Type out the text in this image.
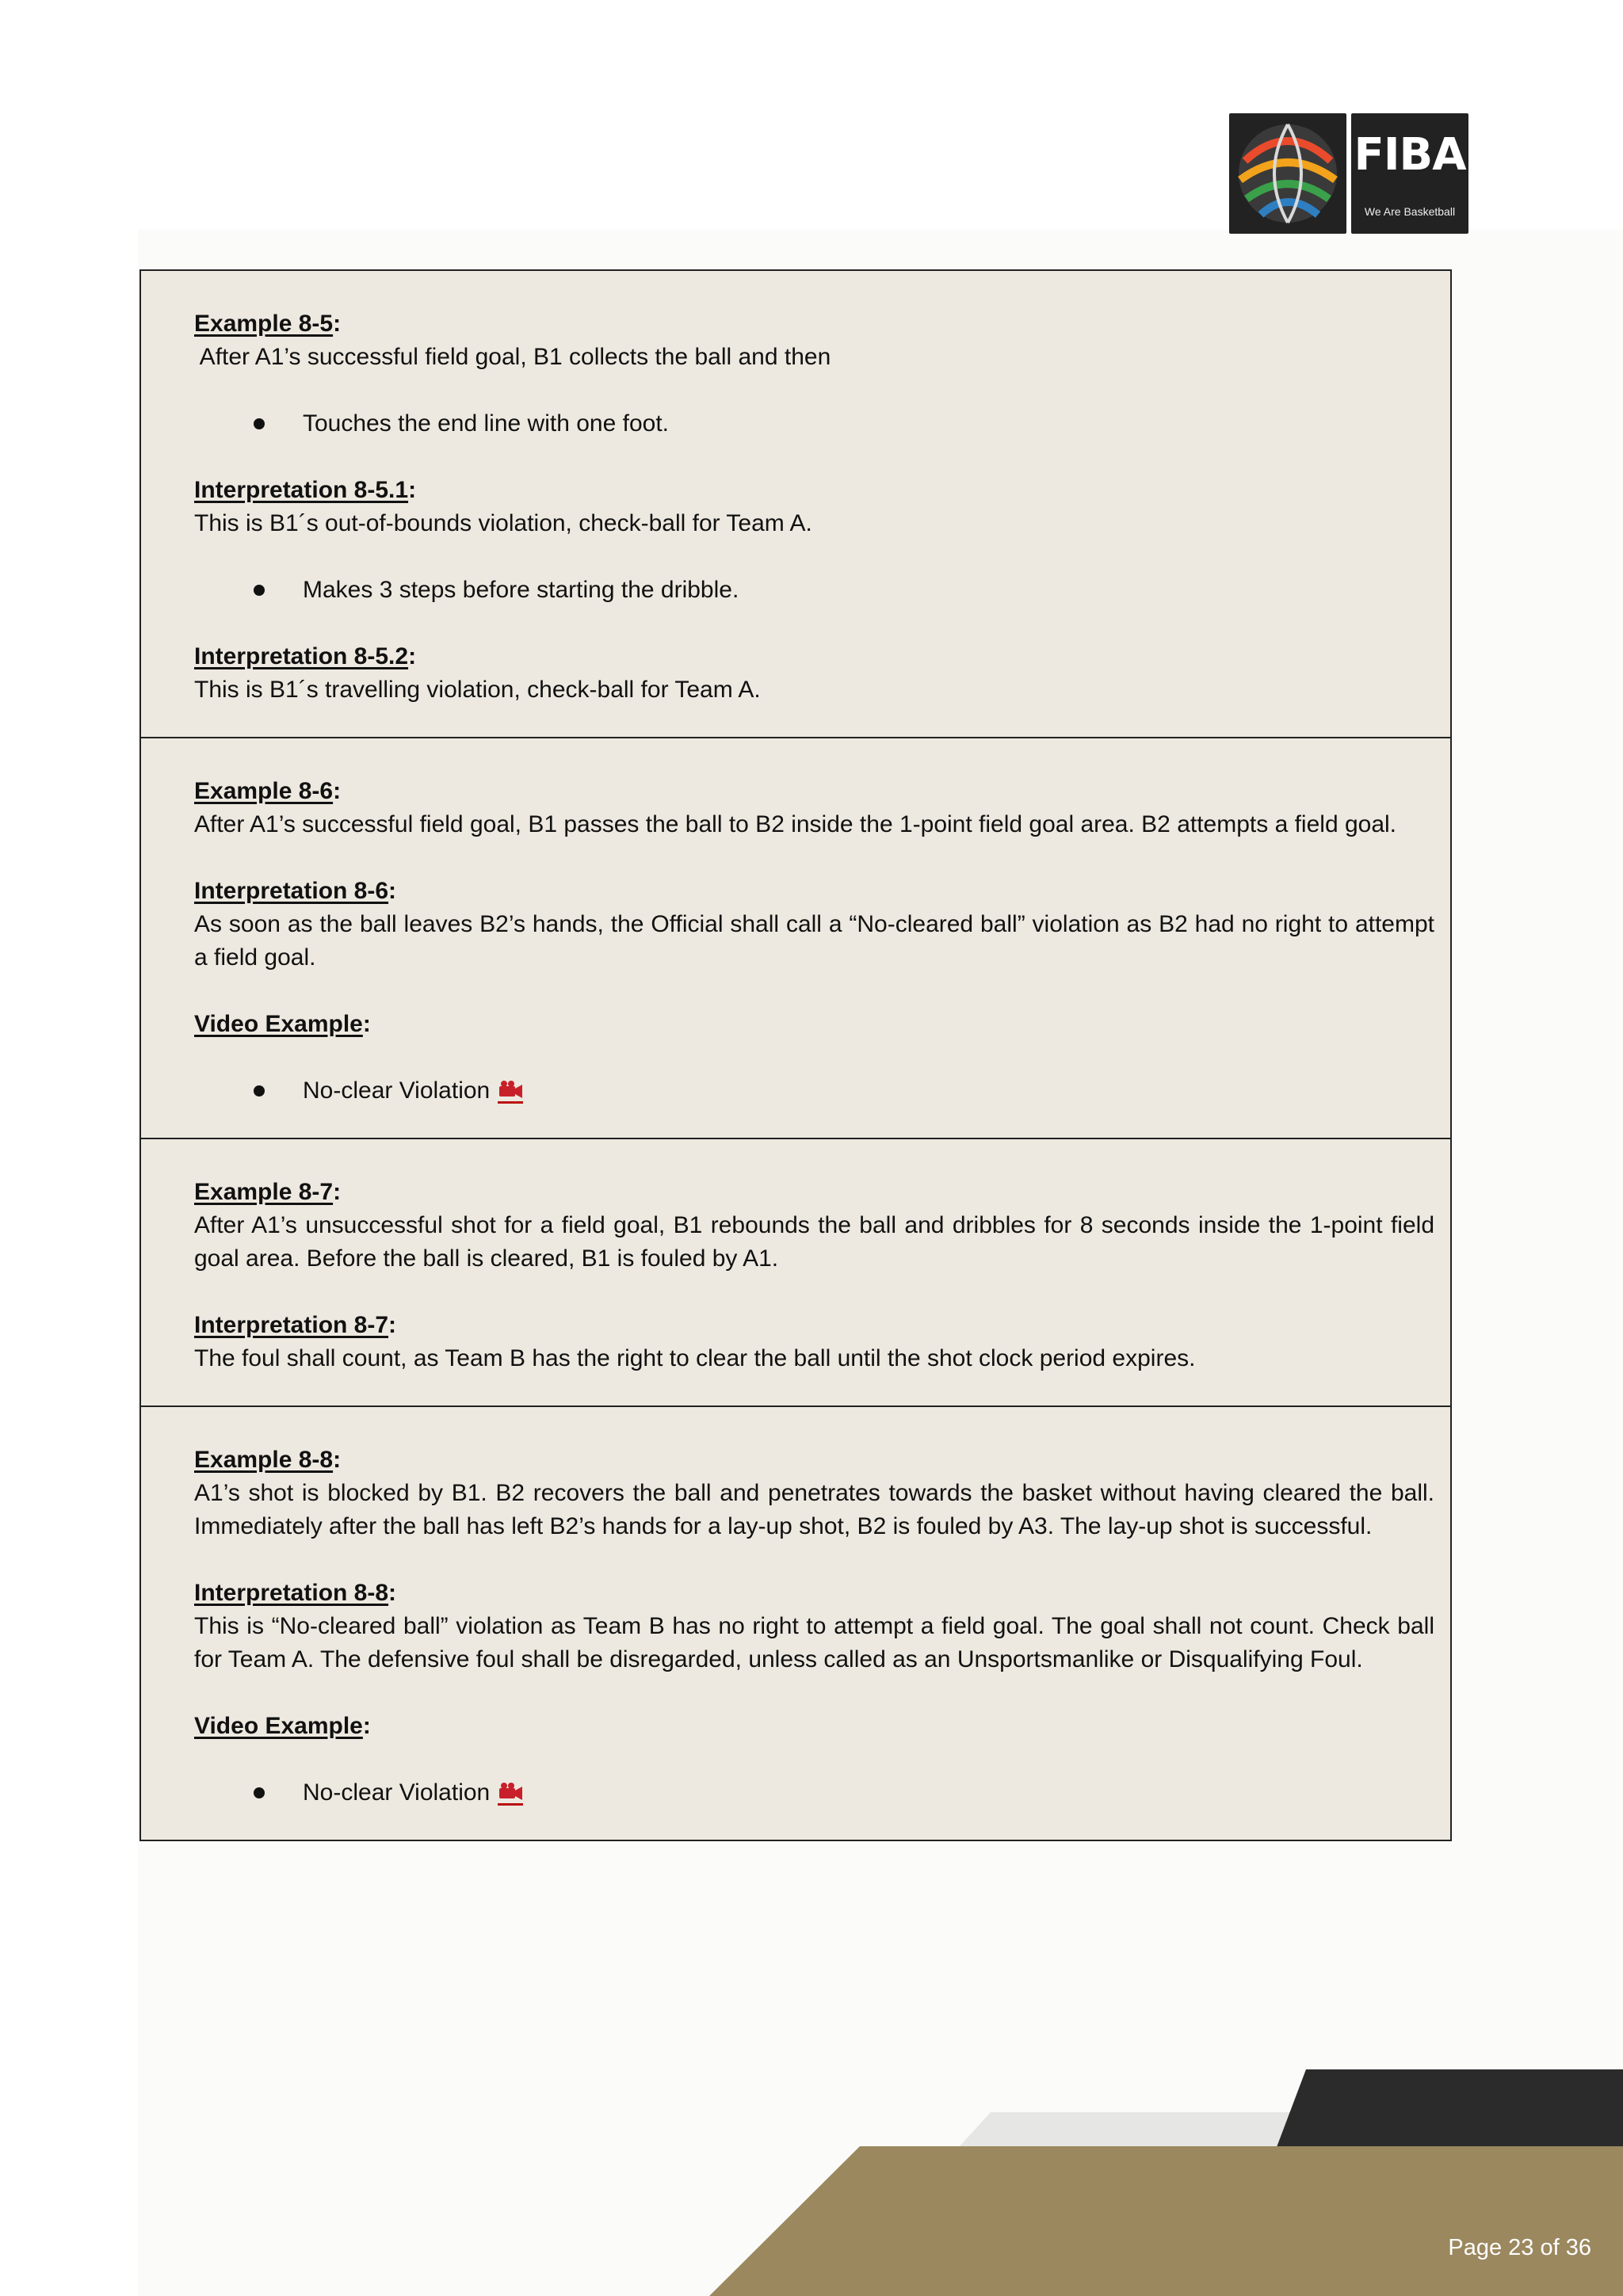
FIBA
We Are Basketball

Example 8-5:

After A1’s successful field goal, B1 collects the ball and then

Touches the end line with one foot.

Interpretation 8-5.1:

This is B1´s out-of-bounds violation, check-ball for Team A.

Makes 3 steps before starting the dribble.

Interpretation 8-5.2:

This is B1´s travelling violation, check-ball for Team A.

Example 8-6:

After A1’s successful field goal, B1 passes the ball to B2 inside the 1-point field goal area. B2 attempts a field goal.

Interpretation 8-6:

As soon as the ball leaves B2’s hands, the Official shall call a “No-cleared ball” violation as B2 had no right to attempt a field goal.

Video Example:

No-clear Violation

Example 8-7:

After A1’s unsuccessful shot for a field goal, B1 rebounds the ball and dribbles for 8 seconds inside the 1-point field goal area. Before the ball is cleared, B1 is fouled by A1.

Interpretation 8-7:

The foul shall count, as Team B has the right to clear the ball until the shot clock period expires.

Example 8-8:

A1’s shot is blocked by B1. B2 recovers the ball and penetrates towards the basket without having cleared the ball. Immediately after the ball has left B2’s hands for a lay-up shot, B2 is fouled by A3. The lay-up shot is successful.

Interpretation 8-8:

This is “No-cleared ball” violation as Team B has no right to attempt a field goal. The goal shall not count. Check ball for Team A. The defensive foul shall be disregarded, unless called as an Unsportsmanlike or Disqualifying Foul.

Video Example:

No-clear Violation

Page 23 of 36
